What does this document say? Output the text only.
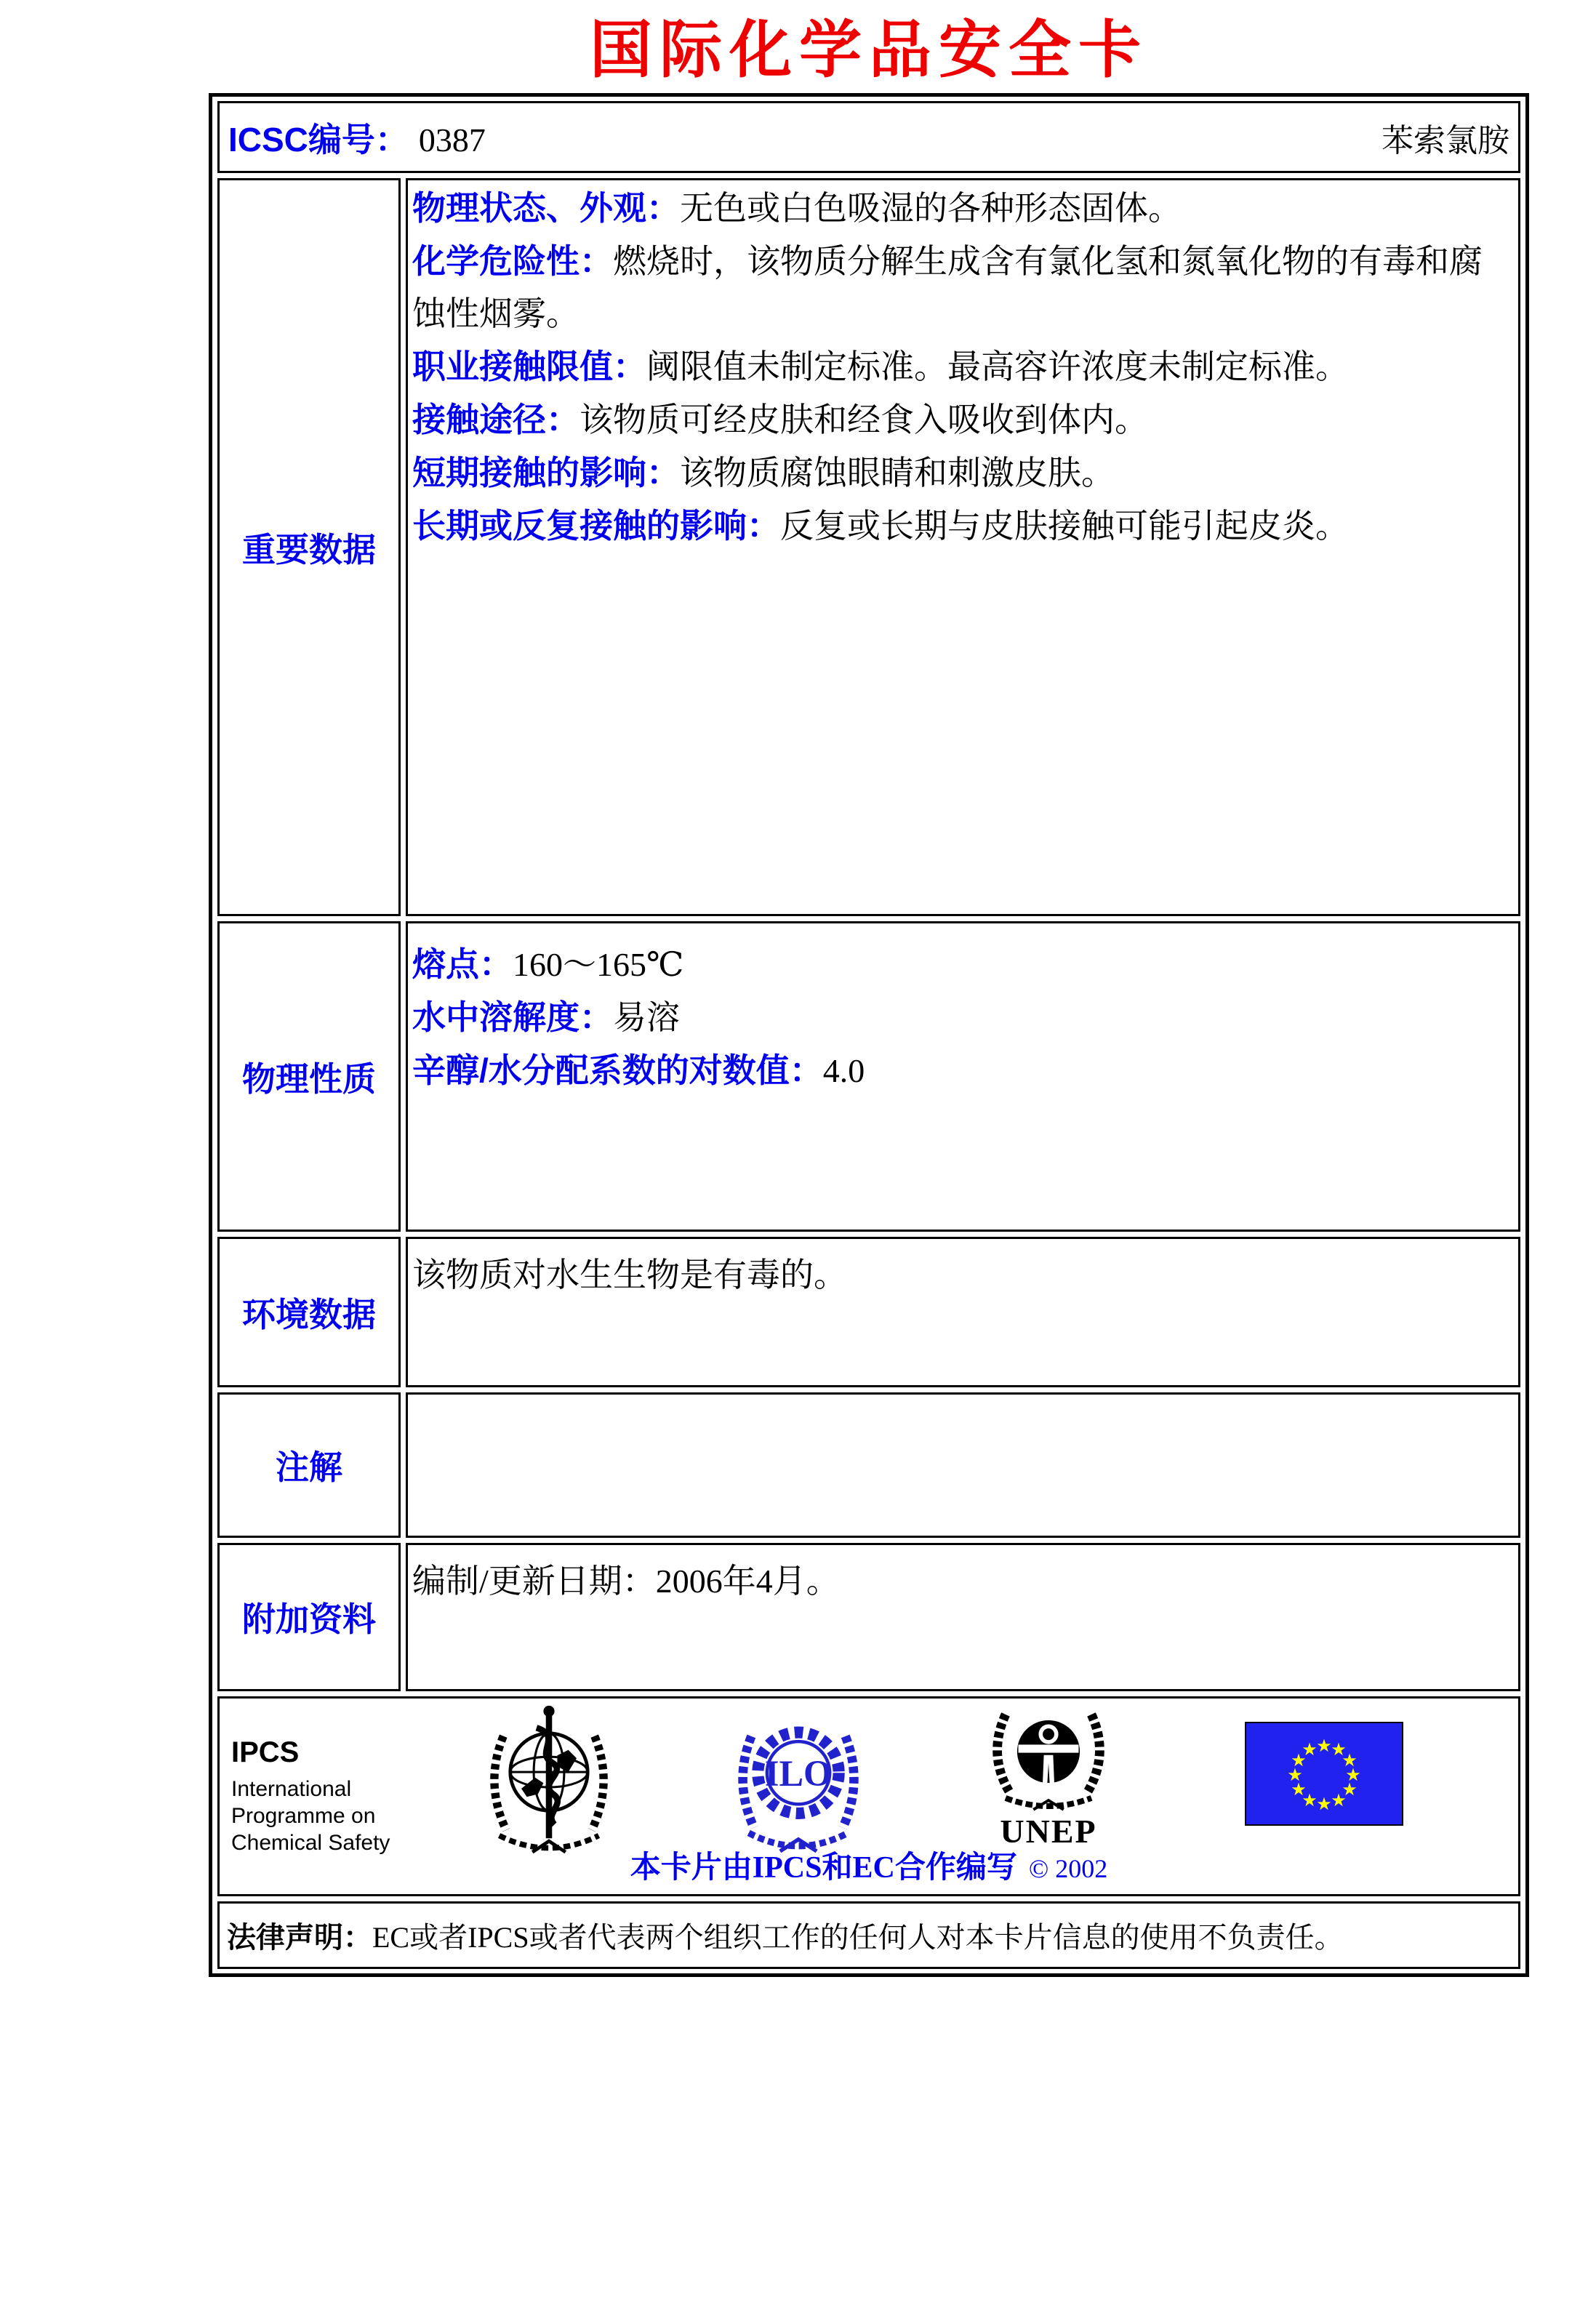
国际化学品安全卡
ICSC编号： 0387	苯索氯胺
重要数据

物理状态、外观：无色或白色吸湿的各种形态固体。

化学危险性：燃烧时，该物质分解生成含有氯化氢和氮氧化物的有毒和腐蚀性烟雾。

职业接触限值：阈限值未制定标准。最高容许浓度未制定标准。

接触途径：该物质可经皮肤和经食入吸收到体内。

短期接触的影响：该物质腐蚀眼睛和刺激皮肤。

长期或反复接触的影响：反复或长期与皮肤接触可能引起皮炎。

物理性质

熔点：160～165℃

水中溶解度：易溶

辛醇/水分配系数的对数值：4.0

环境数据

该物质对水生生物是有毒的。

注解

附加资料

编制/更新日期：2006年4月。

IPCS
International
Programme on
Chemical Safety
ILO
UNEP
★
★
★
★
★
★
★
★
★
★
★
★
本卡片由IPCS和EC合作编写 © 2002
法律声明： EC或者IPCS或者代表两个组织工作的任何人对本卡片信息的使用不负责任。
